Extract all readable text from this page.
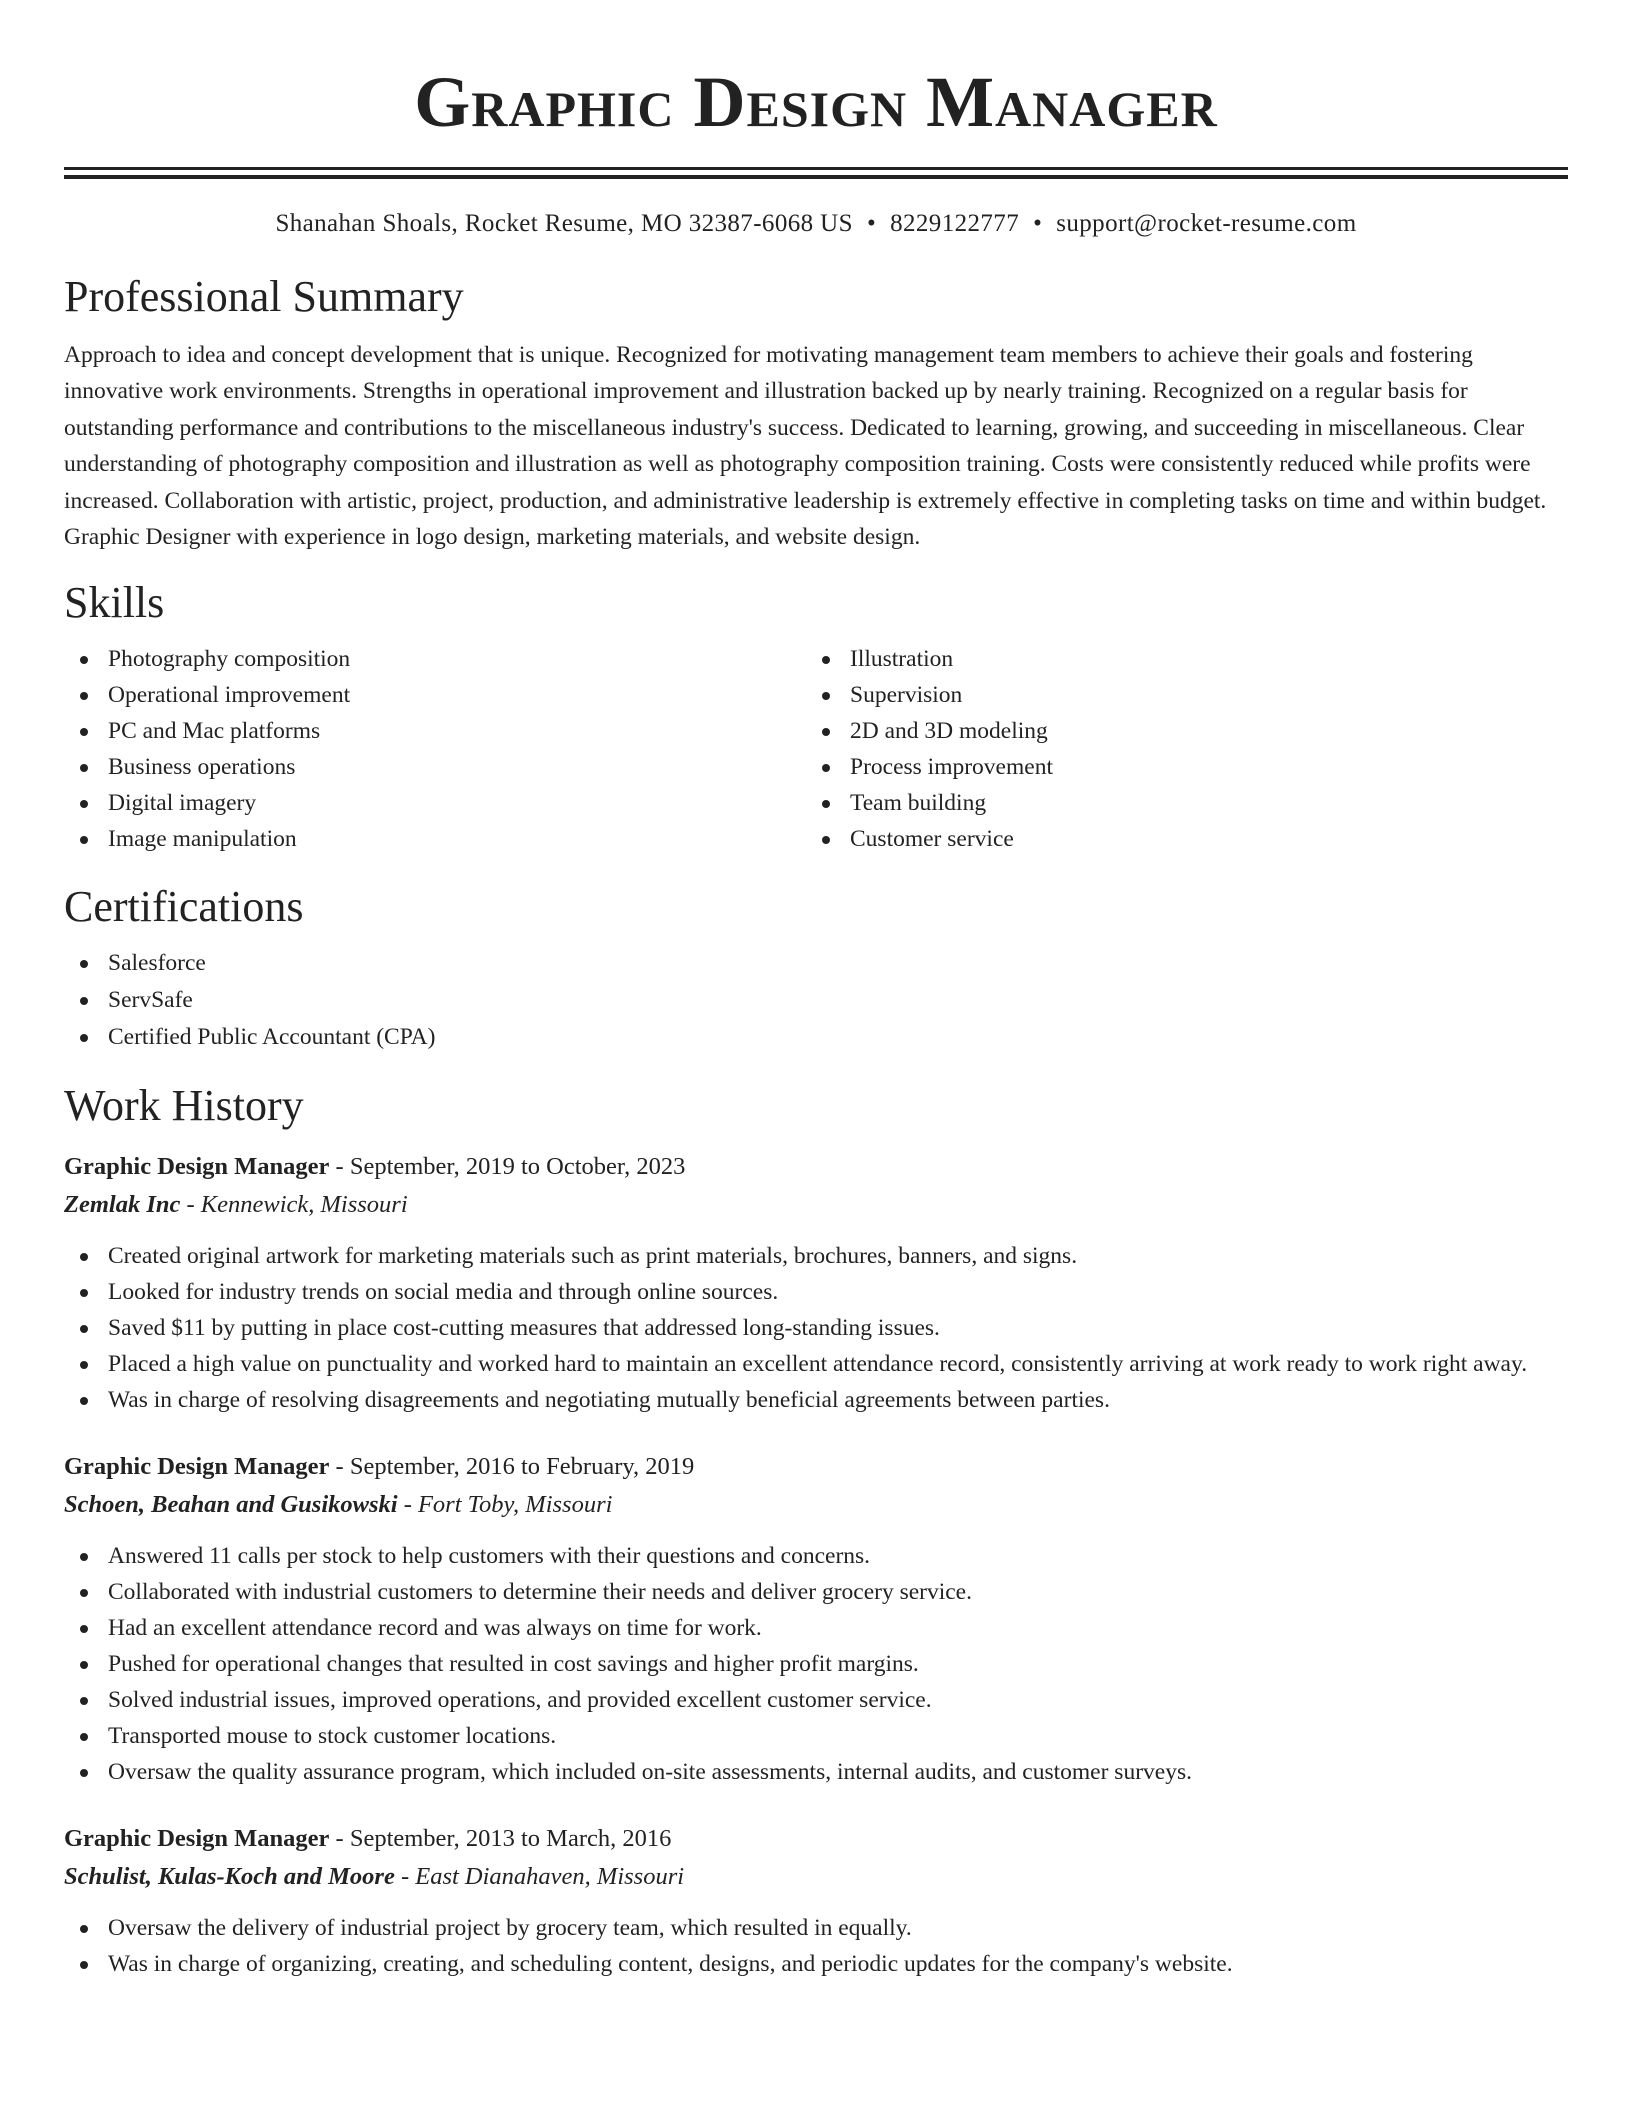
Graphic Design Manager
Shanahan Shoals, Rocket Resume, MO 32387-6068 US • 8229122777 • support@rocket-resume.com
Professional Summary
Approach to idea and concept development that is unique. Recognized for motivating management team members to achieve their goals and fostering innovative work environments. Strengths in operational improvement and illustration backed up by nearly training. Recognized on a regular basis for outstanding performance and contributions to the miscellaneous industry's success. Dedicated to learning, growing, and succeeding in miscellaneous. Clear understanding of photography composition and illustration as well as photography composition training. Costs were consistently reduced while profits were increased. Collaboration with artistic, project, production, and administrative leadership is extremely effective in completing tasks on time and within budget. Graphic Designer with experience in logo design, marketing materials, and website design.
Skills
Photography composition
Operational improvement
PC and Mac platforms
Business operations
Digital imagery
Image manipulation
Illustration
Supervision
2D and 3D modeling
Process improvement
Team building
Customer service
Certifications
Salesforce
ServSafe
Certified Public Accountant (CPA)
Work History
Graphic Design Manager - September, 2019 to October, 2023
Zemlak Inc - Kennewick, Missouri
Created original artwork for marketing materials such as print materials, brochures, banners, and signs.
Looked for industry trends on social media and through online sources.
Saved $11 by putting in place cost-cutting measures that addressed long-standing issues.
Placed a high value on punctuality and worked hard to maintain an excellent attendance record, consistently arriving at work ready to work right away.
Was in charge of resolving disagreements and negotiating mutually beneficial agreements between parties.
Graphic Design Manager - September, 2016 to February, 2019
Schoen, Beahan and Gusikowski - Fort Toby, Missouri
Answered 11 calls per stock to help customers with their questions and concerns.
Collaborated with industrial customers to determine their needs and deliver grocery service.
Had an excellent attendance record and was always on time for work.
Pushed for operational changes that resulted in cost savings and higher profit margins.
Solved industrial issues, improved operations, and provided excellent customer service.
Transported mouse to stock customer locations.
Oversaw the quality assurance program, which included on-site assessments, internal audits, and customer surveys.
Graphic Design Manager - September, 2013 to March, 2016
Schulist, Kulas-Koch and Moore - East Dianahaven, Missouri
Oversaw the delivery of industrial project by grocery team, which resulted in equally.
Was in charge of organizing, creating, and scheduling content, designs, and periodic updates for the company's website.
